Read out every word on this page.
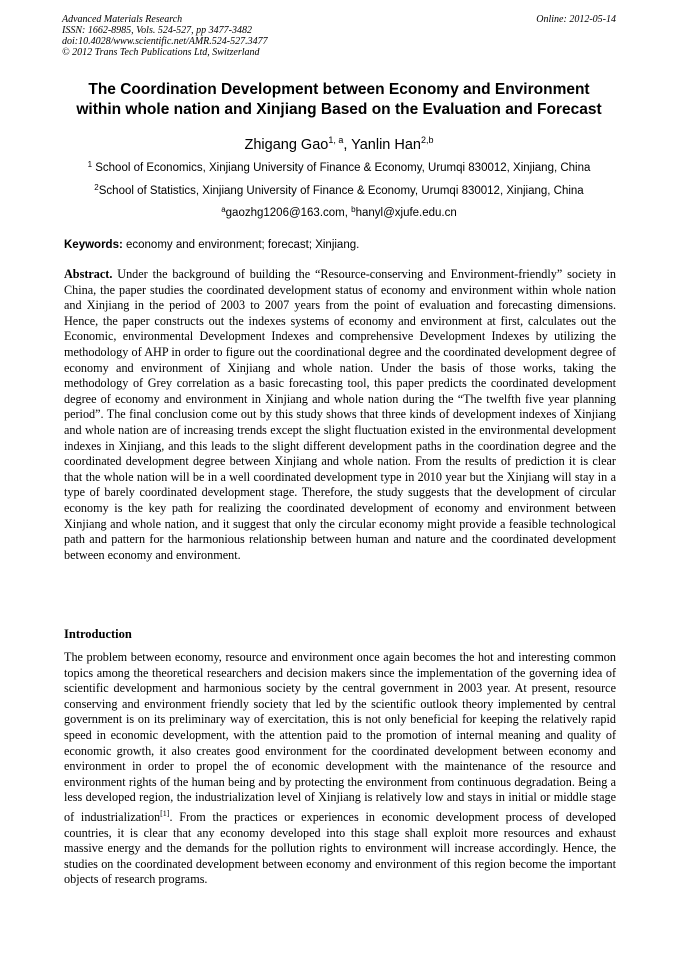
Advanced Materials Research
ISSN: 1662-8985, Vols. 524-527, pp 3477-3482
doi:10.4028/www.scientific.net/AMR.524-527.3477
© 2012 Trans Tech Publications Ltd, Switzerland
Online: 2012-05-14
The Coordination Development between Economy and Environment
within whole nation and Xinjiang Based on the Evaluation and Forecast
Zhigang Gao$^{1, a}$, Yanlin Han$^{2,b}$
$^1$ School of Economics, Xinjiang University of Finance & Economy, Urumqi 830012, Xinjiang, China
$^2$School of Statistics, Xinjiang University of Finance & Economy, Urumqi 830012, Xinjiang, China
$^a$gaozhg1206@163.com, $^b$hanyl@xjufe.edu.cn
Keywords: economy and environment; forecast; Xinjiang.
Abstract. Under the background of building the “Resource-conserving and Environment-friendly” society in China, the paper studies the coordinated development status of economy and environment within whole nation and Xinjiang in the period of 2003 to 2007 years from the point of evaluation and forecasting dimensions. Hence, the paper constructs out the indexes systems of economy and environment at first, calculates out the Economic, environmental Development Indexes and comprehensive Development Indexes by utilizing the methodology of AHP in order to figure out the coordinational degree and the coordinated development degree of economy and environment of Xinjiang and whole nation. Under the basis of those works, taking the methodology of Grey correlation as a basic forecasting tool, this paper predicts the coordinated development degree of economy and environment in Xinjiang and whole nation during the “The twelfth five year planning period”. The final conclusion come out by this study shows that three kinds of development indexes of Xinjiang and whole nation are of increasing trends except the slight fluctuation existed in the environmental development indexes in Xinjiang, and this leads to the slight different development paths in the coordination degree and the coordinated development degree between Xinjiang and whole nation. From the results of prediction it is clear that the whole nation will be in a well coordinated development type in 2010 year but the Xinjiang will stay in a type of barely coordinated development stage. Therefore, the study suggests that the development of circular economy is the key path for realizing the coordinated development of economy and environment between Xinjiang and whole nation, and it suggest that only the circular economy might provide a feasible technological path and pattern for the harmonious relationship between human and nature and the coordinated development between economy and environment.
Introduction
The problem between economy, resource and environment once again becomes the hot and interesting common topics among the theoretical researchers and decision makers since the implementation of the governing idea of scientific development and harmonious society by the central government in 2003 year. At present, resource conserving and environment friendly society that led by the scientific outlook theory implemented by central government is on its preliminary way of exercitation, this is not only beneficial for keeping the relatively rapid speed in economic development, with the attention paid to the promotion of internal meaning and quality of economic growth, it also creates good environment for the coordinated development between economy and environment in order to propel the of economic development with the maintenance of the resource and environment rights of the human being and by protecting the environment from continuous degradation. Being a less developed region, the industrialization level of Xinjiang is relatively low and stays in initial or middle stage of industrialization[1]. From the practices or experiences in economic development process of developed countries, it is clear that any economy developed into this stage shall exploit more resources and exhaust massive energy and the demands for the pollution rights to environment will increase accordingly. Hence, the studies on the coordinated development between economy and environment of this region become the important objects of research programs.
